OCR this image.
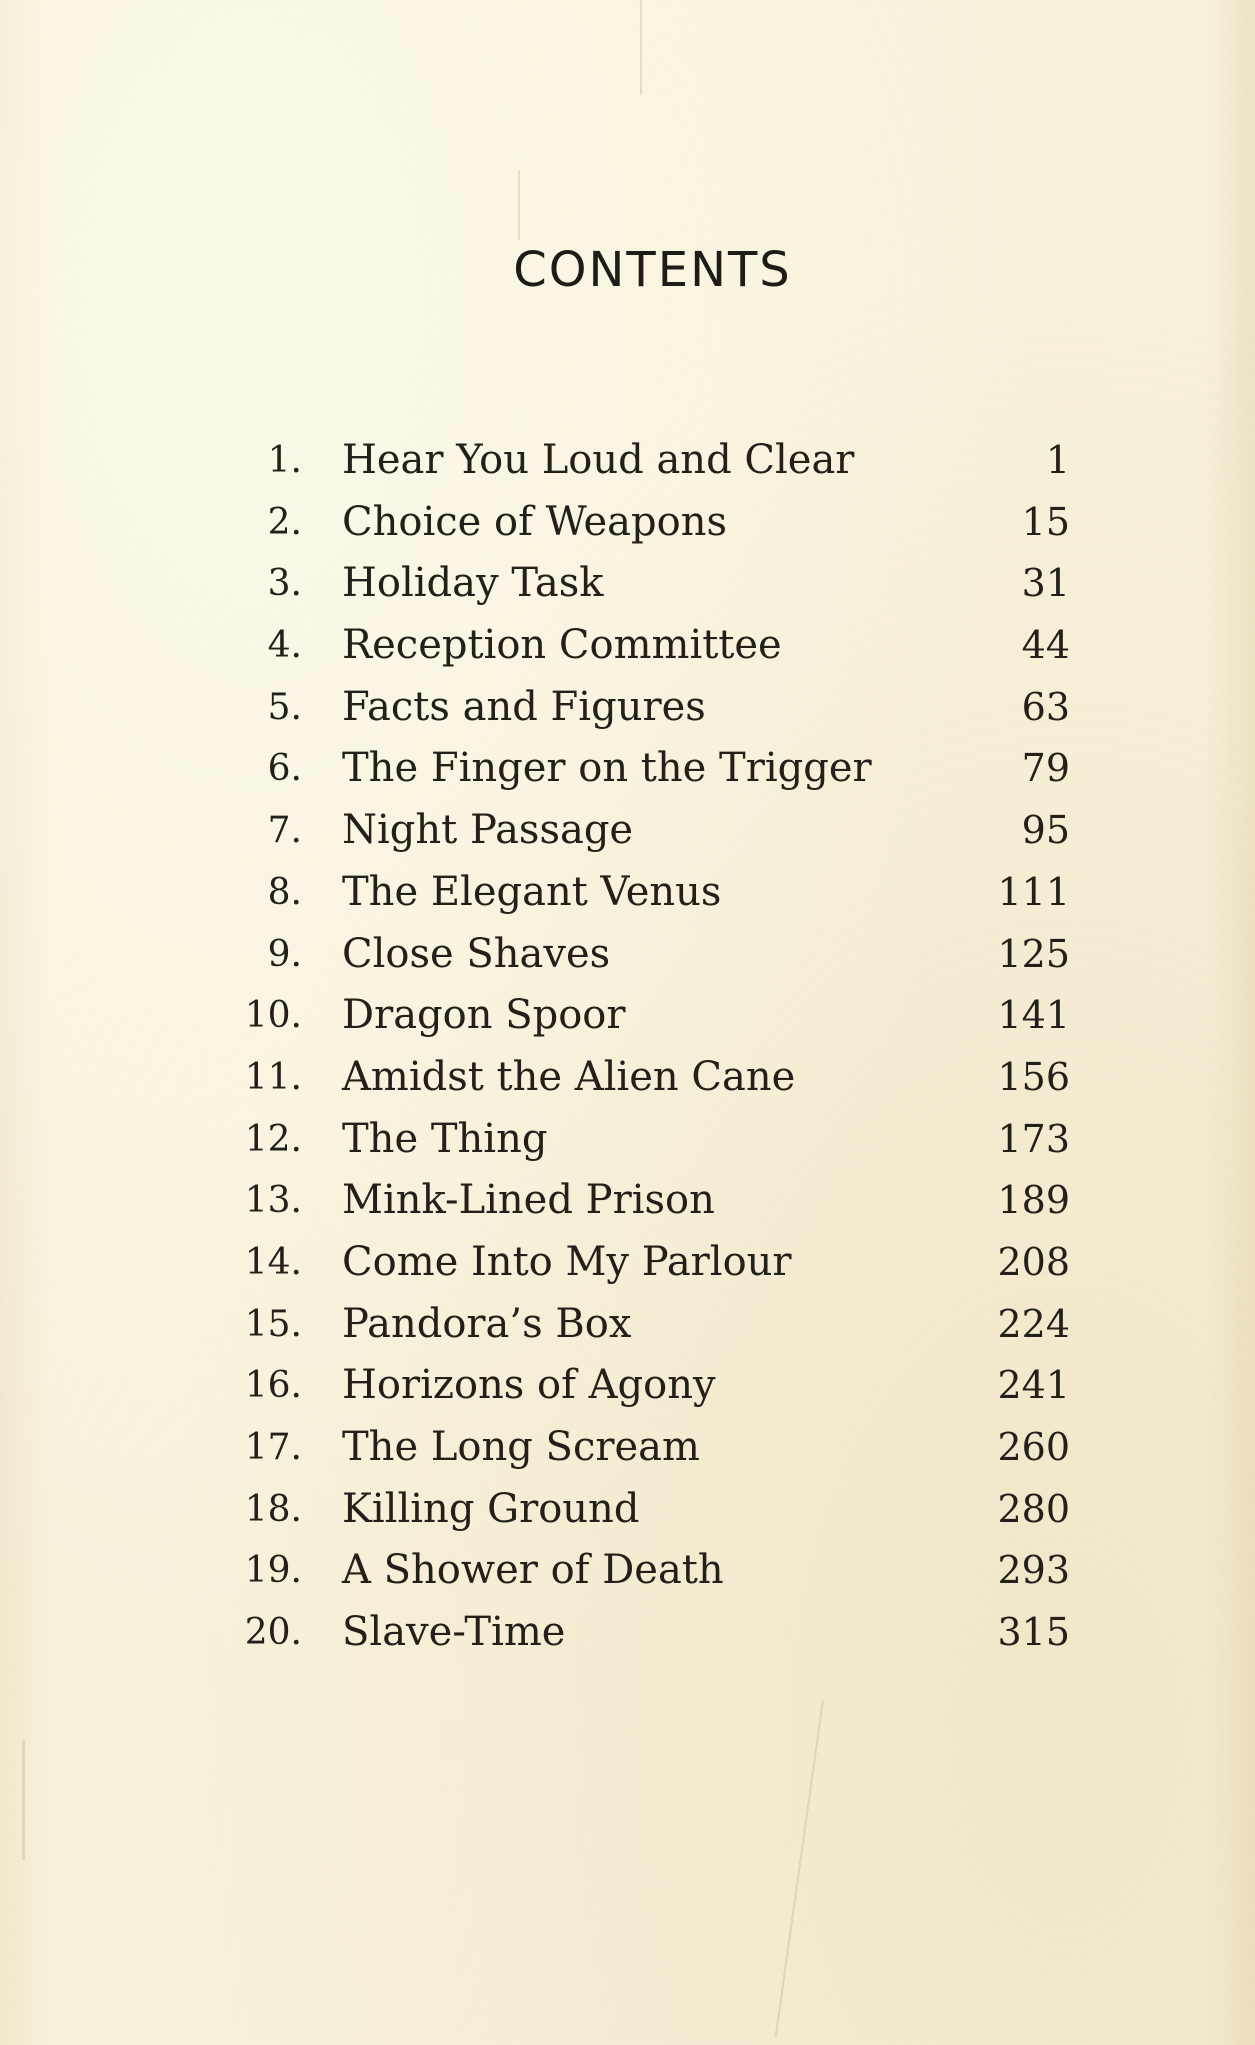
CONTENTS
1. Hear You Loud and Clear	1
2. Choice of Weapons	15
3. Holiday Task	31
4. Reception Committee	44
5. Facts and Figures	63
6. The Finger on the Trigger	79
7. Night Passage	95
8. The Elegant Venus	111
9. Close Shaves	125
10. Dragon Spoor	141
11. Amidst the Alien Cane	156
12. The Thing	173
13. Mink-Lined Prison	189
14. Come Into My Parlour	208
15. Pandora’s Box	224
16. Horizons of Agony	241
17. The Long Scream	260
18. Killing Ground	280
19. A Shower of Death	293
20. Slave-Time	315
